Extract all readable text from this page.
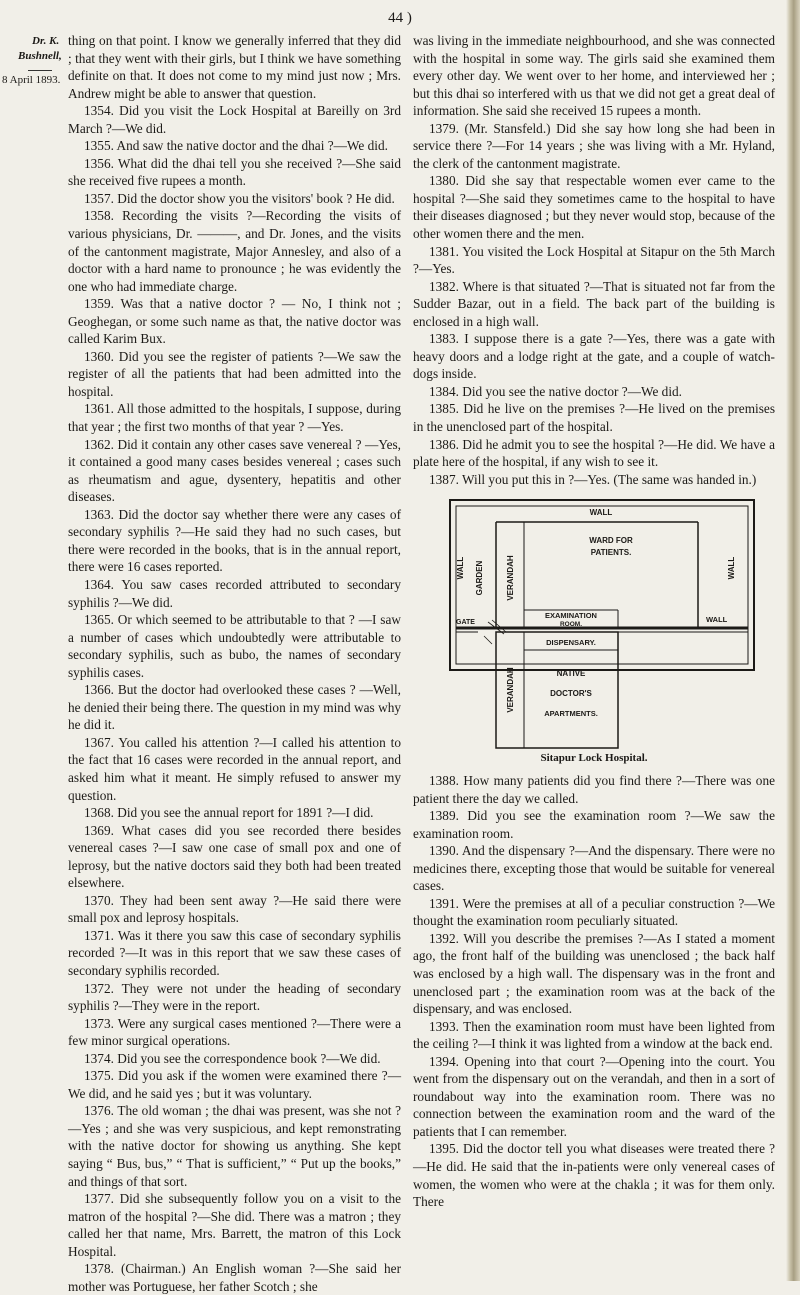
44 )
Dr. K.
Bushnell,
8 April 1893.

thing on that point. I know we generally inferred that they did ; that they went with their girls, but I think we have something definite on that. It does not come to my mind just now ; Mrs. Andrew might be able to answer that question.

1354. Did you visit the Lock Hospital at Bareilly on 3rd March ?—We did.

1355. And saw the native doctor and the dhai ?—We did.

1356. What did the dhai tell you she received ?—She said she received five rupees a month.

1357. Did the doctor show you the visitors' book ? He did.

1358. Recording the visits ?—Recording the visits of various physicians, Dr. ———, and Dr. Jones, and the visits of the cantonment magistrate, Major Annesley, and also of a doctor with a hard name to pronounce ; he was evidently the one who had immediate charge.

1359. Was that a native doctor ? — No, I think not ; Geoghegan, or some such name as that, the native doctor was called Karim Bux.

1360. Did you see the register of patients ?—We saw the register of all the patients that had been admitted into the hospital.

1361. All those admitted to the hospitals, I suppose, during that year ; the first two months of that year ? —Yes.

1362. Did it contain any other cases save venereal ? —Yes, it contained a good many cases besides venereal ; cases such as rheumatism and ague, dysentery, hepatitis and other diseases.

1363. Did the doctor say whether there were any cases of secondary syphilis ?—He said they had no such cases, but there were recorded in the books, that is in the annual report, there were 16 cases reported.

1364. You saw cases recorded attributed to secondary syphilis ?—We did.

1365. Or which seemed to be attributable to that ? —I saw a number of cases which undoubtedly were attributable to secondary syphilis, such as bubo, the names of secondary syphilis cases.

1366. But the doctor had overlooked these cases ? —Well, he denied their being there. The question in my mind was why he did it.

1367. You called his attention ?—I called his attention to the fact that 16 cases were recorded in the annual report, and asked him what it meant. He simply refused to answer my question.

1368. Did you see the annual report for 1891 ?—I did.

1369. What cases did you see recorded there besides venereal cases ?—I saw one case of small pox and one of leprosy, but the native doctors said they both had been treated elsewhere.

1370. They had been sent away ?—He said there were small pox and leprosy hospitals.

1371. Was it there you saw this case of secondary syphilis recorded ?—It was in this report that we saw these cases of secondary syphilis recorded.

1372. They were not under the heading of secondary syphilis ?—They were in the report.

1373. Were any surgical cases mentioned ?—There were a few minor surgical operations.

1374. Did you see the correspondence book ?—We did.

1375. Did you ask if the women were examined there ?—We did, and he said yes ; but it was voluntary.

1376. The old woman ; the dhai was present, was she not ?—Yes ; and she was very suspicious, and kept remonstrating with the native doctor for showing us anything. She kept saying “ Bus, bus,” “ That is sufficient,” “ Put up the books,” and things of that sort.

1377. Did she subsequently follow you on a visit to the matron of the hospital ?—She did. There was a matron ; they called her that name, Mrs. Barrett, the matron of this Lock Hospital.

1378. (Chairman.) An English woman ?—She said her mother was Portuguese, her father Scotch ; she

was living in the immediate neighbourhood, and she was connected with the hospital in some way. The girls said she examined them every other day. We went over to her home, and interviewed her ; but this dhai so interfered with us that we did not get a great deal of information. She said she received 15 rupees a month.

1379. (Mr. Stansfeld.) Did she say how long she had been in service there ?—For 14 years ; she was living with a Mr. Hyland, the clerk of the cantonment magistrate.

1380. Did she say that respectable women ever came to the hospital ?—She said they sometimes came to the hospital to have their diseases diagnosed ; but they never would stop, because of the other women there and the men.

1381. You visited the Lock Hospital at Sitapur on the 5th March ?—Yes.

1382. Where is that situated ?—That is situated not far from the Sudder Bazar, out in a field. The back part of the building is enclosed in a high wall.

1383. I suppose there is a gate ?—Yes, there was a gate with heavy doors and a lodge right at the gate, and a couple of watch-dogs inside.

1384. Did you see the native doctor ?—We did.

1385. Did he live on the premises ?—He lived on the premises in the unenclosed part of the hospital.

1386. Did he admit you to see the hospital ?—He did. We have a plate here of the hospital, if any wish to see it.

1387. Will you put this in ?—Yes. (The same was handed in.)

WALL
WALL	WALL
GARDEN	VERANDAH
WARD FOR
PATIENTS.
EXAMINATION
ROOM.
WALL
GATE
DISPENSARY.
VERANDAH	NATIVE
DOCTOR'S
APARTMENTS.
Sitapur Lock Hospital.

1388. How many patients did you find there ?—There was one patient there the day we called.

1389. Did you see the examination room ?—We saw the examination room.

1390. And the dispensary ?—And the dispensary. There were no medicines there, excepting those that would be suitable for venereal cases.

1391. Were the premises at all of a peculiar construction ?—We thought the examination room peculiarly situated.

1392. Will you describe the premises ?—As I stated a moment ago, the front half of the building was unenclosed ; the back half was enclosed by a high wall. The dispensary was in the front and unenclosed part ; the examination room was at the back of the dispensary, and was enclosed.

1393. Then the examination room must have been lighted from the ceiling ?—I think it was lighted from a window at the back end.

1394. Opening into that court ?—Opening into the court. You went from the dispensary out on the verandah, and then in a sort of roundabout way into the examination room. There was no connection between the examination room and the ward of the patients that I can remember.

1395. Did the doctor tell you what diseases were treated there ?—He did. He said that the in-patients were only venereal cases of women, the women who were at the chakla ; it was for them only. There
